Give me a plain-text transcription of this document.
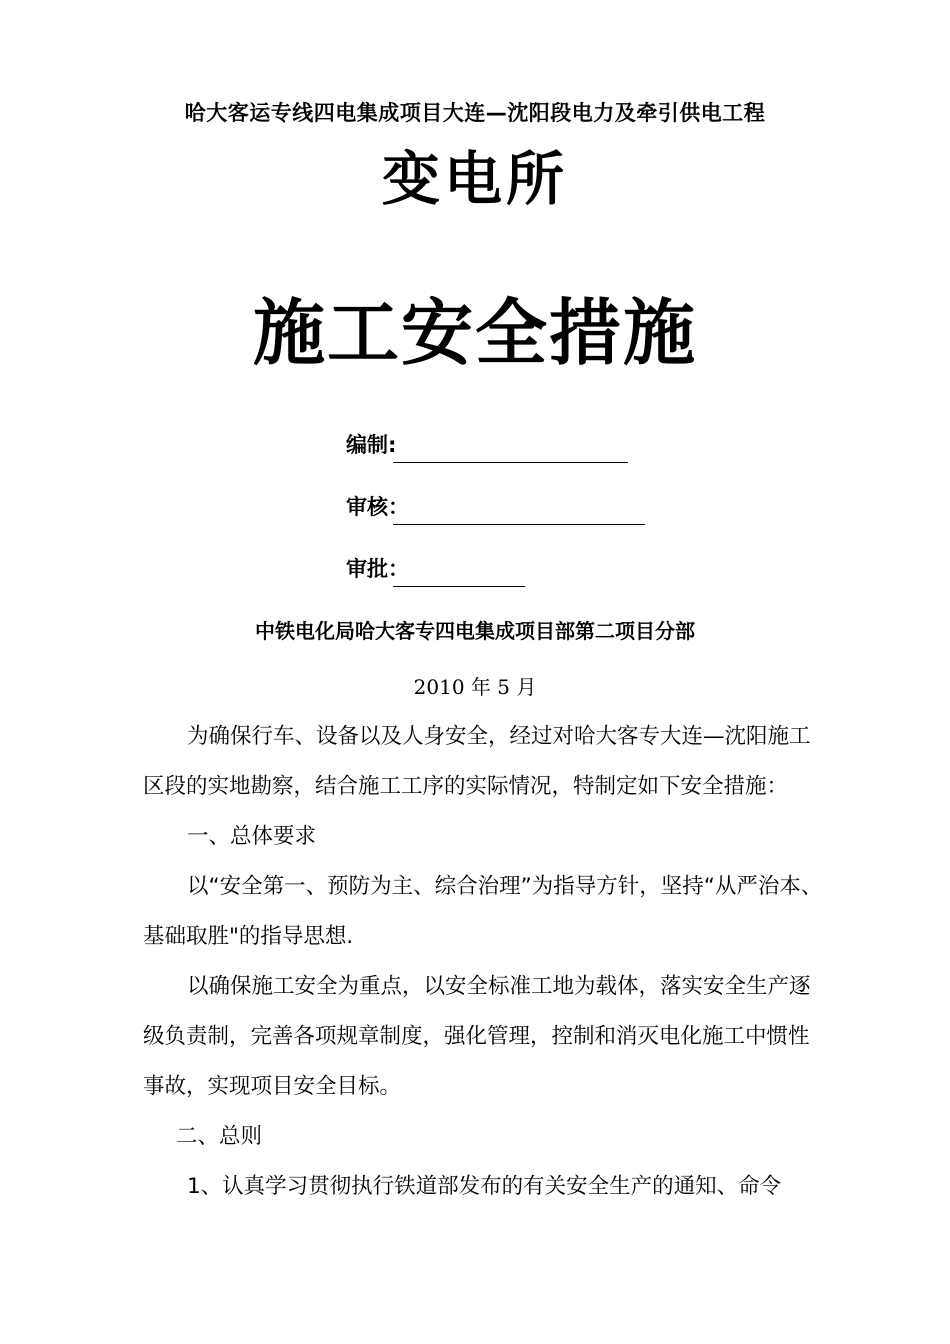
哈大客运专线四电集成项目大连—沈阳段电力及牵引供电工程
变电所
施工安全措施
编制:
审核：
审批：
中铁电化局哈大客专四电集成项目部第二项目分部
2010 年 5 月

为确保行车、设备以及人身安全，经过对哈大客专大连—沈阳施工区段的实地勘察，结合施工工序的实际情况，特制定如下安全措施：

一、总体要求

以“安全第一、预防为主、综合治理”为指导方针，坚持“从严治本、基础取胜"的指导思想.

以确保施工安全为重点，以安全标准工地为载体，落实安全生产逐级负责制，完善各项规章制度，强化管理，控制和消灭电化施工中惯性事故，实现项目安全目标。

二、总则

1、认真学习贯彻执行铁道部发布的有关安全生产的通知、命令
